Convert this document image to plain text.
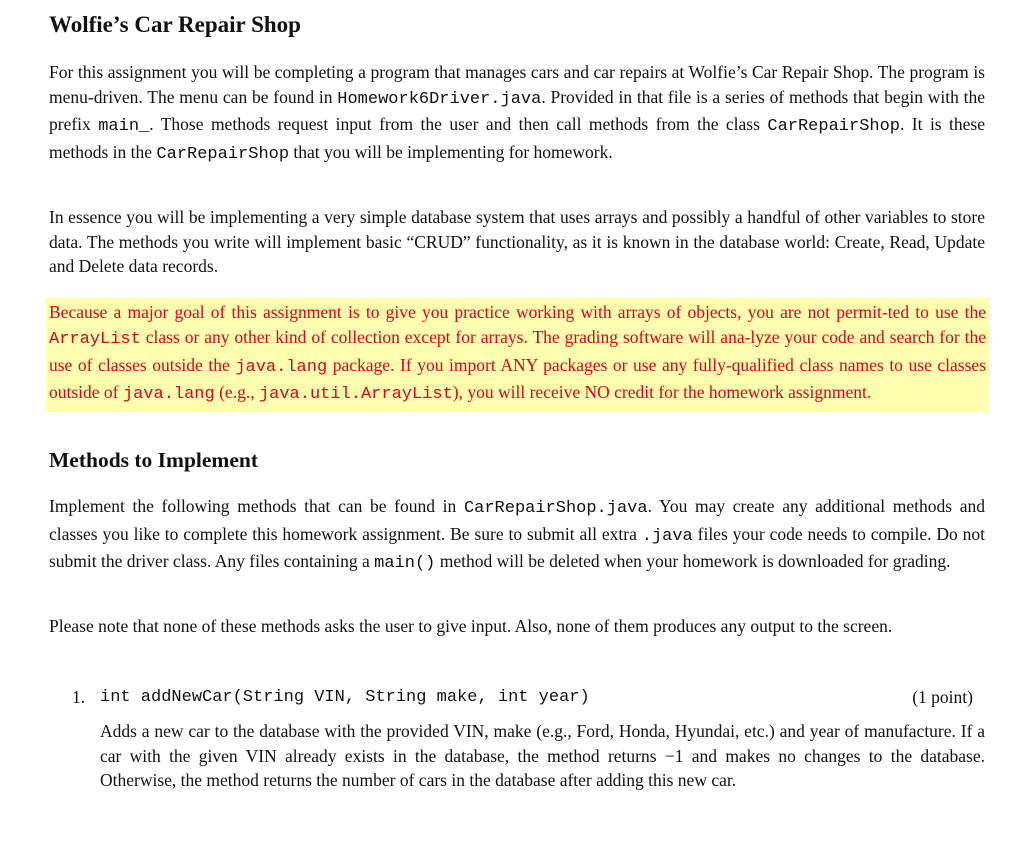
Wolfie’s Car Repair Shop

For this assignment you will be completing a program that manages cars and car repairs at Wolfie’s Car Repair Shop. The program is menu-driven. The menu can be found in Homework6Driver.java. Provided in that file is a series of methods that begin with the prefix main_. Those methods request input from the user and then call methods from the class CarRepairShop. It is these methods in the CarRepairShop that you will be implementing for homework.

In essence you will be implementing a very simple database system that uses arrays and possibly a handful of other variables to store data. The methods you write will implement basic “CRUD” functionality, as it is known in the database world: Create, Read, Update and Delete data records.

Because a major goal of this assignment is to give you practice working with arrays of objects, you are not permit-ted to use the ArrayList class or any other kind of collection except for arrays. The grading software will ana-lyze your code and search for the use of classes outside the java.lang package. If you import ANY packages or use any fully-qualified class names to use classes outside of java.lang (e.g., java.util.ArrayList), you will receive NO credit for the homework assignment.

Methods to Implement

Implement the following methods that can be found in CarRepairShop.java. You may create any additional methods and classes you like to complete this homework assignment. Be sure to submit all extra .java files your code needs to compile. Do not submit the driver class. Any files containing a main() method will be deleted when your homework is downloaded for grading.

Please note that none of these methods asks the user to give input. Also, none of them produces any output to the screen.

1. int addNewCar(String VIN, String make, int year)	(1 point)

Adds a new car to the database with the provided VIN, make (e.g., Ford, Honda, Hyundai, etc.) and year of manufacture. If a car with the given VIN already exists in the database, the method returns −1 and makes no changes to the database. Otherwise, the method returns the number of cars in the database after adding this new car.
